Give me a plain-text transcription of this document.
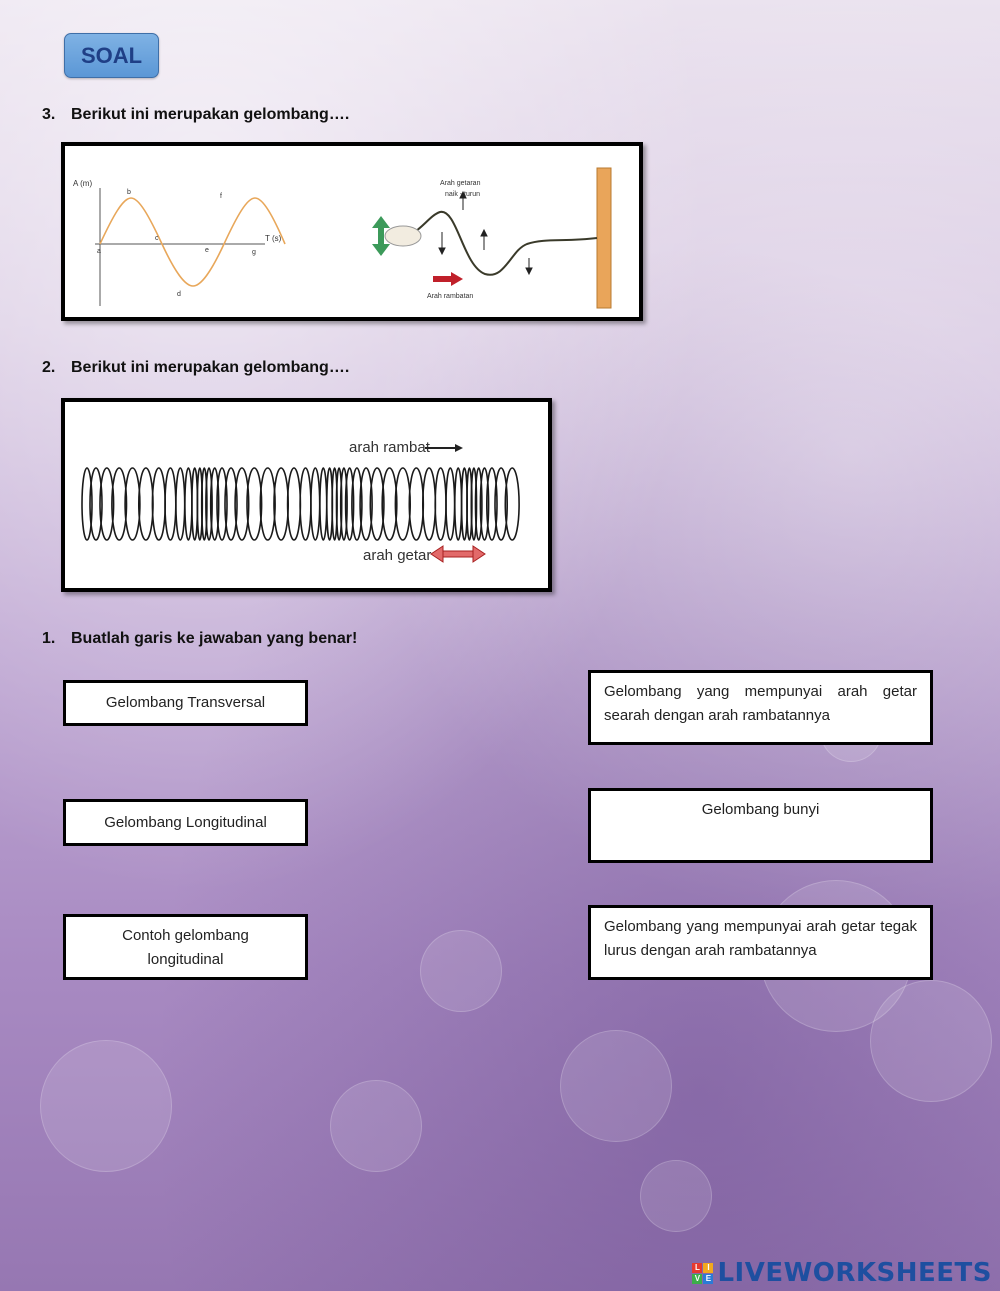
SOAL
3. Berikut ini merupakan gelombang….
A (m)
T (s)
a
b
c
d
e
f
g
Arah getaran
naik - turun
Arah rambatan
2. Berikut ini merupakan gelombang….
arah rambat
arah getar
1. Buatlah garis ke jawaban yang benar!
Gelombang Transversal
Gelombang Longitudinal
Contoh gelombang longitudinal
Gelombang yang mempunyai arah getar searah dengan arah rambatannya
Gelombang bunyi
Gelombang yang mempunyai arah getar tegak lurus dengan arah rambatannya
L I
V E LIVEWORKSHEETS
